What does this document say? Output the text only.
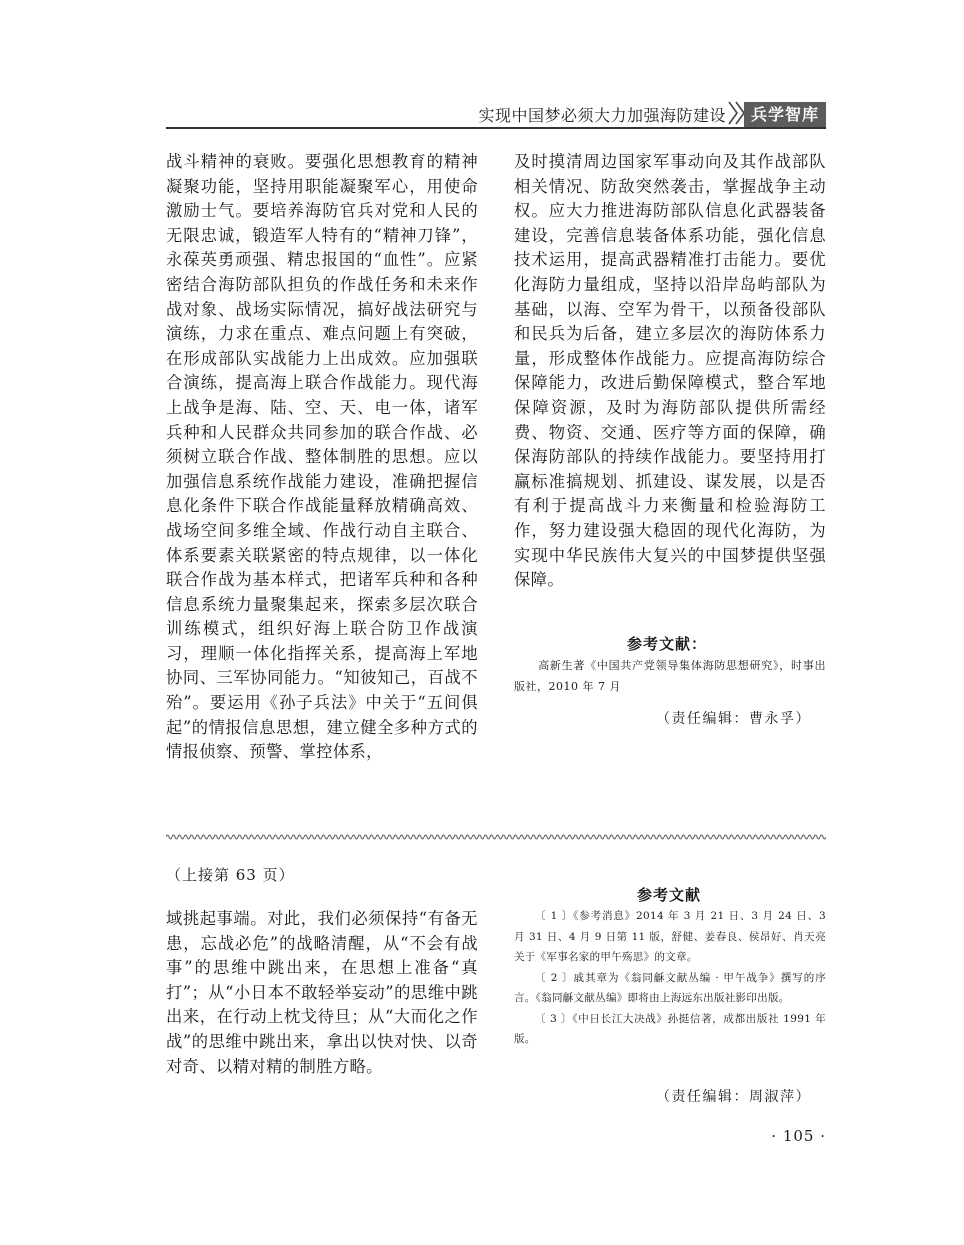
实现中国梦必须大力加强海防建设	兵学智库

战斗精神的衰败。要强化思想教育的精神凝聚功能，坚持用职能凝聚军心，用使命激励士气。要培养海防官兵对党和人民的无限忠诚，锻造军人特有的“精神刀锋”，永葆英勇顽强、精忠报国的“血性”。应紧密结合海防部队担负的作战任务和未来作战对象、战场实际情况，搞好战法研究与演练，力求在重点、难点问题上有突破，在形成部队实战能力上出成效。应加强联合演练，提高海上联合作战能力。现代海上战争是海、陆、空、天、电一体，诸军兵种和人民群众共同参加的联合作战、必须树立联合作战、整体制胜的思想。应以加强信息系统作战能力建设，准确把握信息化条件下联合作战能量释放精确高效、战场空间多维全域、作战行动自主联合、体系要素关联紧密的特点规律，以一体化联合作战为基本样式，把诸军兵种和各种信息系统力量聚集起来，探索多层次联合训练模式，组织好海上联合防卫作战演习，理顺一体化指挥关系，提高海上军地协同、三军协同能力。“知彼知己，百战不殆”。要运用《孙子兵法》中关于“五间俱起”的情报信息思想，建立健全多种方式的情报侦察、预警、掌控体系，

及时摸清周边国家军事动向及其作战部队相关情况、防敌突然袭击，掌握战争主动权。应大力推进海防部队信息化武器装备建设，完善信息装备体系功能，强化信息技术运用，提高武器精准打击能力。要优化海防力量组成，坚持以沿岸岛屿部队为基础，以海、空军为骨干，以预备役部队和民兵为后备，建立多层次的海防体系力量，形成整体作战能力。应提高海防综合保障能力，改进后勤保障模式，整合军地保障资源，及时为海防部队提供所需经费、物资、交通、医疗等方面的保障，确保海防部队的持续作战能力。要坚持用打赢标准搞规划、抓建设、谋发展，以是否有利于提高战斗力来衡量和检验海防工作，努力建设强大稳固的现代化海防，为实现中华民族伟大复兴的中国梦提供坚强保障。

参考文献：
高新生著《中国共产党领导集体海防思想研究》，时事出版社，2010 年 7 月
（责任编辑：曹永孚）
（上接第 63 页）

域挑起事端。对此，我们必须保持“有备无患，忘战必危”的战略清醒，从“不会有战事”的思维中跳出来，在思想上准备“真打”；从“小日本不敢轻举妄动”的思维中跳出来，在行动上枕戈待旦；从“大而化之作战”的思维中跳出来，拿出以快对快、以奇对奇、以精对精的制胜方略。

参考文献

〔 1 〕《参考消息》2014 年 3 月 21 日、3 月 24 日、3 月 31 日、4 月 9 日第 11 版，舒健、姜春良、侯昂好、肖天亮关于《军事名家的甲午殇思》的文章。

〔 2 〕戚其章为《翁同龢文献丛编 · 甲午战争》撰写的序言。《翁同龢文献丛编》即将由上海远东出版社影印出版。

〔 3 〕《中日长江大决战》孙挺信著，成都出版社 1991 年版。

（责任编辑：周淑萍）
· 105 ·
